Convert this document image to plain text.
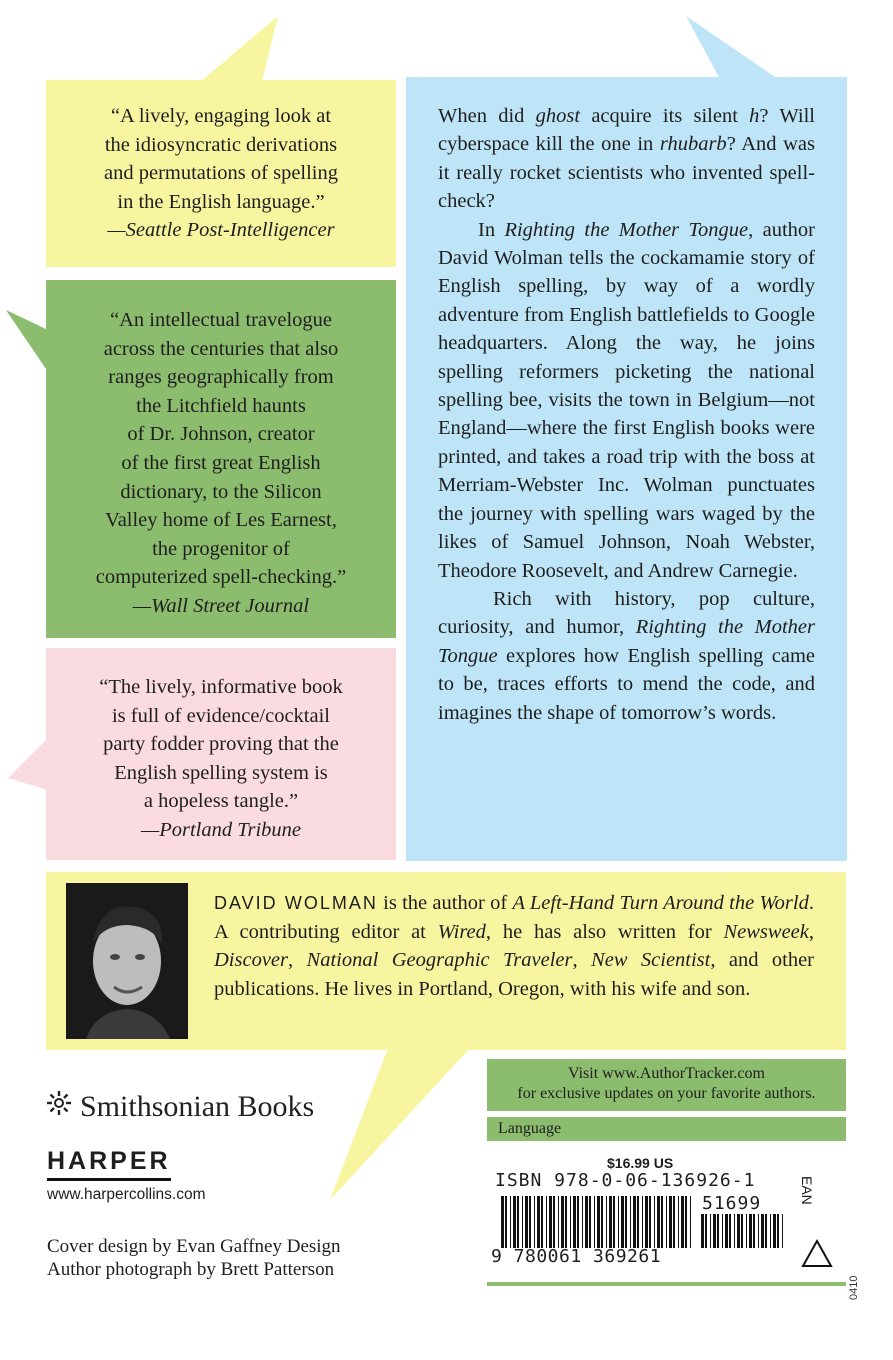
“A lively, engaging look at
the idiosyncratic derivations
and permutations of spelling
in the English language.”
—Seattle Post-Intelligencer
“An intellectual travelogue
across the centuries that also
ranges geographically from
the Litchfield haunts
of Dr. Johnson, creator
of the first great English
dictionary, to the Silicon
Valley home of Les Earnest,
the progenitor of
computerized spell-checking.”
—Wall Street Journal
“The lively, informative book
is full of evidence/cocktail
party fodder proving that the
English spelling system is
a hopeless tangle.”
—Portland Tribune

When did ghost acquire its silent h? Will cyberspace kill the one in rhubarb? And was it really rocket scientists who invented spell-check?

In Righting the Mother Tongue, author David Wolman tells the cockamamie story of English spelling, by way of a wordly adventure from English battlefields to Google headquarters. Along the way, he joins spelling reformers picketing the national spelling bee, visits the town in Belgium—not England—where the first English books were printed, and takes a road trip with the boss at Merriam-Webster Inc. Wolman punctuates the journey with spelling wars waged by the likes of Samuel Johnson, Noah Webster, Theodore Roosevelt, and Andrew Carnegie.

Rich with history, pop culture, curiosity, and humor, Righting the Mother Tongue explores how English spelling came to be, traces efforts to mend the code, and imagines the shape of tomorrow’s words.

DAVID WOLMAN is the author of A Left-Hand Turn Around the World. A contributing editor at Wired, he has also written for Newsweek, Discover, National Geographic Traveler, New Scientist, and other publications. He lives in Portland, Oregon, with his wife and son.
Smithsonian Books
HARPER
www.harpercollins.com
Cover design by Evan Gaffney Design
Author photograph by Brett Patterson
Visit www.AuthorTracker.com
for exclusive updates on your favorite authors.
Language
$16.99 US
ISBN 978-0-06-136926-1	EAN
51699
9 780061 369261
0410
